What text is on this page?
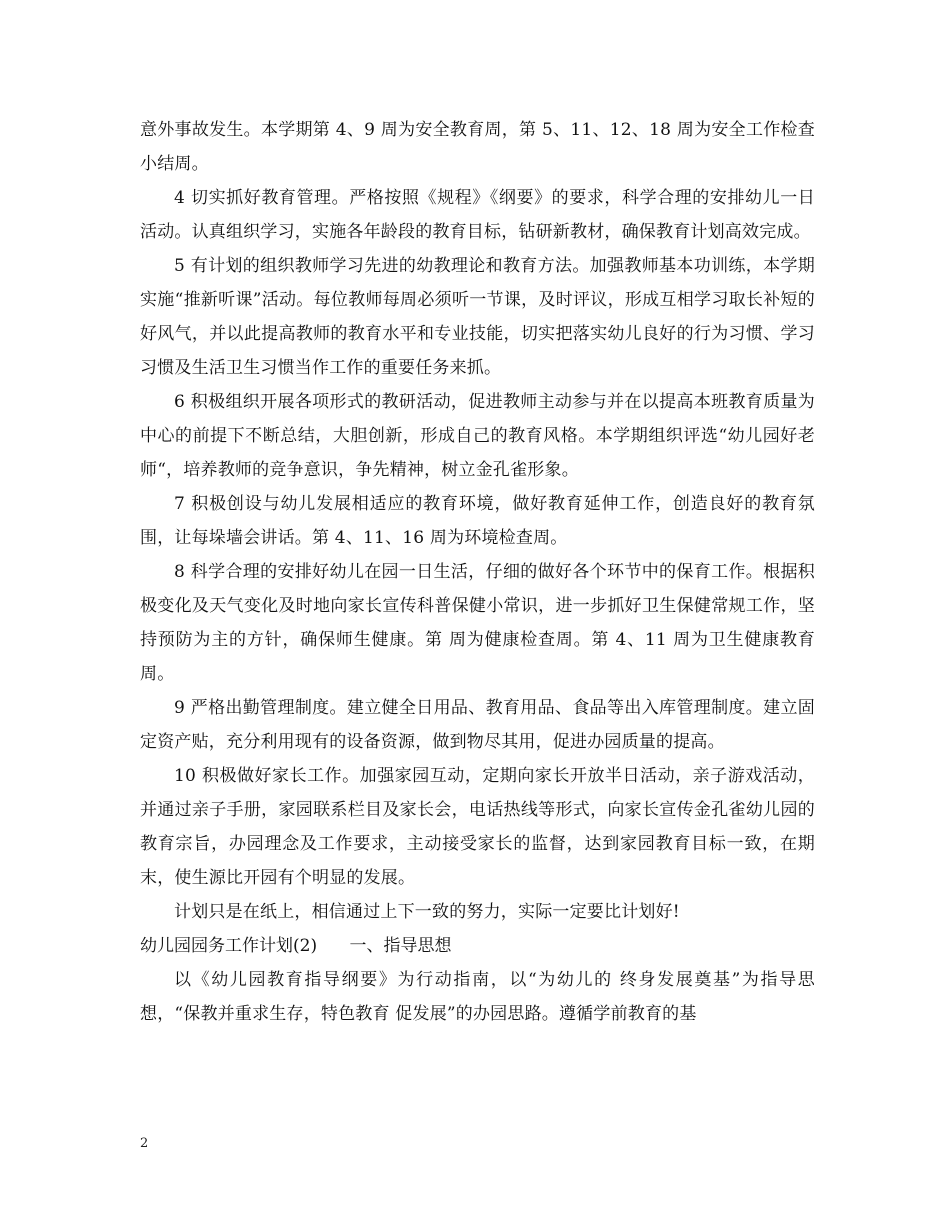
意外事故发生。本学期第 4、9 周为安全教育周，第 5、11、12、18 周为安全工作检查小结周。

4 切实抓好教育管理。严格按照《规程》《纲要》的要求，科学合理的安排幼儿一日活动。认真组织学习，实施各年龄段的教育目标，钻研新教材，确保教育计划高效完成。

5 有计划的组织教师学习先进的幼教理论和教育方法。加强教师基本功训练，本学期实施“推新听课”活动。每位教师每周必须听一节课，及时评议，形成互相学习取长补短的好风气，并以此提高教师的教育水平和专业技能，切实把落实幼儿良好的行为习惯、学习习惯及生活卫生习惯当作工作的重要任务来抓。

6 积极组织开展各项形式的教研活动，促进教师主动参与并在以提高本班教育质量为中心的前提下不断总结，大胆创新，形成自己的教育风格。本学期组织评选“幼儿园好老师“，培养教师的竞争意识，争先精神，树立金孔雀形象。

7 积极创设与幼儿发展相适应的教育环境，做好教育延伸工作，创造良好的教育氛围，让每垛墙会讲话。第 4、11、16 周为环境检查周。

8 科学合理的安排好幼儿在园一日生活，仔细的做好各个环节中的保育工作。根据积极变化及天气变化及时地向家长宣传科普保健小常识，进一步抓好卫生保健常规工作，坚持预防为主的方针，确保师生健康。第 周为健康检查周。第 4、11 周为卫生健康教育周。

9 严格出勤管理制度。建立健全日用品、教育用品、食品等出入库管理制度。建立固定资产贴，充分利用现有的设备资源，做到物尽其用，促进办园质量的提高。

10 积极做好家长工作。加强家园互动，定期向家长开放半日活动，亲子游戏活动，并通过亲子手册，家园联系栏目及家长会，电话热线等形式，向家长宣传金孔雀幼儿园的教育宗旨，办园理念及工作要求，主动接受家长的监督，达到家园教育目标一致，在期末，使生源比开园有个明显的发展。

计划只是在纸上，相信通过上下一致的努力，实际一定要比计划好!

幼儿园园务工作计划(2)      一、指导思想

以《幼儿园教育指导纲要》为行动指南，以“为幼儿的 终身发展奠基”为指导思想，“保教并重求生存，特色教育 促发展”的办园思路。遵循学前教育的基

2
